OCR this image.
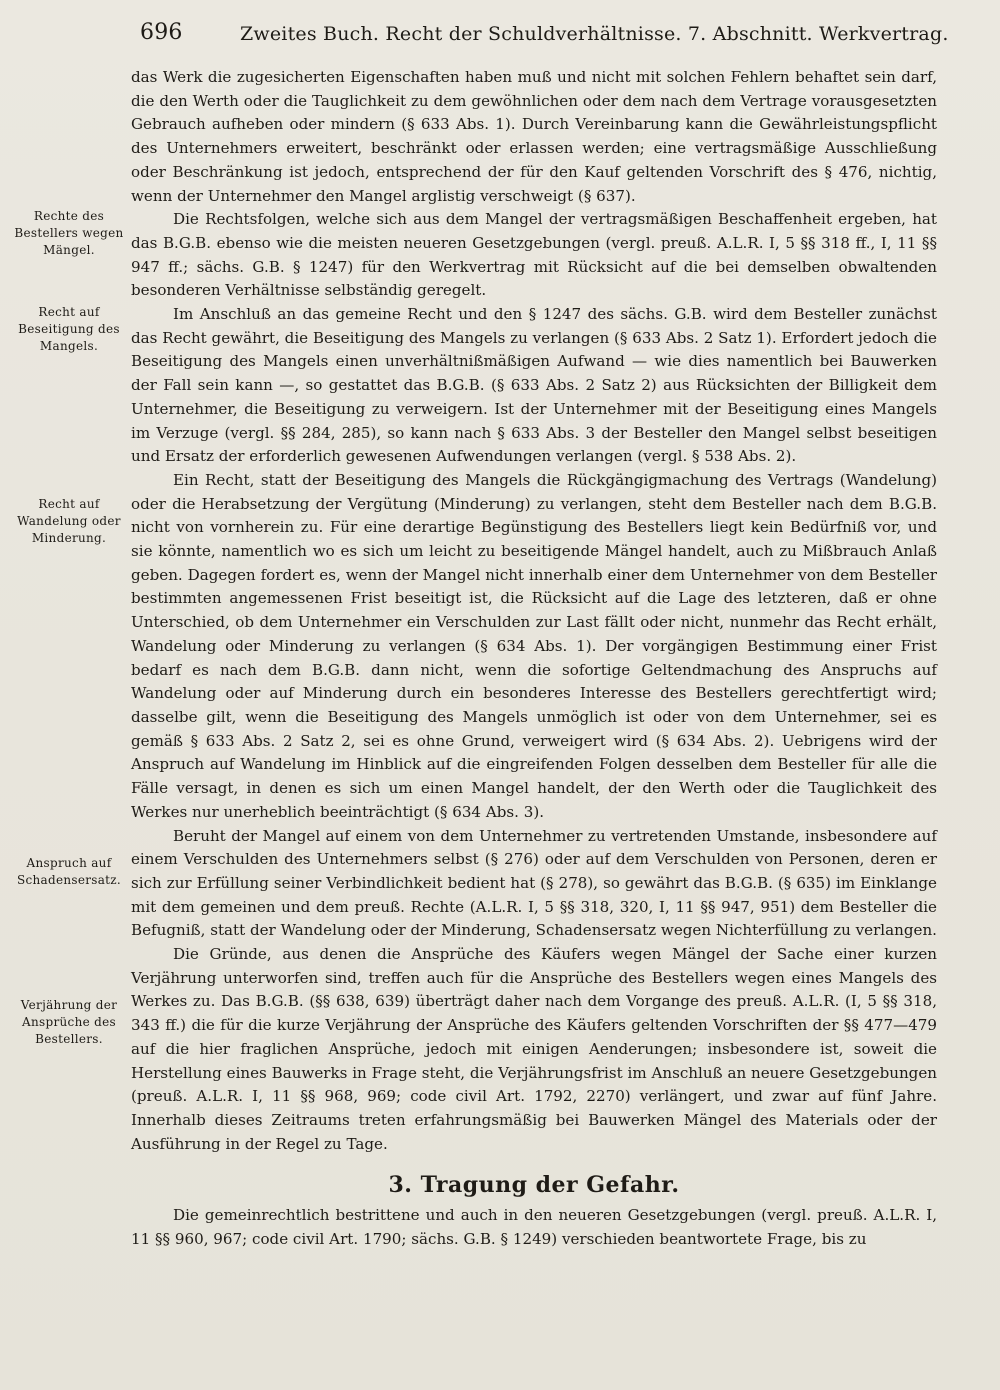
696	Zweites Buch. Recht der Schuldverhältnisse. 7. Abschnitt. Werkvertrag.
Rechte des Bestellers wegen Mängel.
Recht auf Beseitigung des Mangels.
Recht auf Wandelung oder Minderung.
Anspruch auf Schadensersatz.
Verjährung der Ansprüche des Bestellers.

das Werk die zugesicherten Eigenschaften haben muß und nicht mit solchen Fehlern behaftet sein darf, die den Werth oder die Tauglichkeit zu dem gewöhnlichen oder dem nach dem Vertrage vorausgesetzten Gebrauch aufheben oder mindern (§ 633 Abs. 1). Durch Vereinbarung kann die Gewährleistungspflicht des Unternehmers erweitert, beschränkt oder erlassen werden; eine vertragsmäßige Ausschließung oder Beschränkung ist jedoch, entsprechend der für den Kauf geltenden Vorschrift des § 476, nichtig, wenn der Unternehmer den Mangel arglistig verschweigt (§ 637).

Die Rechtsfolgen, welche sich aus dem Mangel der vertragsmäßigen Beschaffenheit ergeben, hat das B.G.B. ebenso wie die meisten neueren Gesetzgebungen (vergl. preuß. A.L.R. I, 5 §§ 318 ff., I, 11 §§ 947 ff.; sächs. G.B. § 1247) für den Werkvertrag mit Rücksicht auf die bei demselben obwaltenden besonderen Verhältnisse selbständig geregelt.

Im Anschluß an das gemeine Recht und den § 1247 des sächs. G.B. wird dem Besteller zunächst das Recht gewährt, die Beseitigung des Mangels zu verlangen (§ 633 Abs. 2 Satz 1). Erfordert jedoch die Beseitigung des Mangels einen unverhältnißmäßigen Aufwand — wie dies namentlich bei Bauwerken der Fall sein kann —, so gestattet das B.G.B. (§ 633 Abs. 2 Satz 2) aus Rücksichten der Billigkeit dem Unternehmer, die Beseitigung zu verweigern. Ist der Unternehmer mit der Beseitigung eines Mangels im Verzuge (vergl. §§ 284, 285), so kann nach § 633 Abs. 3 der Besteller den Mangel selbst beseitigen und Ersatz der erforderlich gewesenen Aufwendungen verlangen (vergl. § 538 Abs. 2).

Ein Recht, statt der Beseitigung des Mangels die Rückgängigmachung des Vertrags (Wandelung) oder die Herabsetzung der Vergütung (Minderung) zu verlangen, steht dem Besteller nach dem B.G.B. nicht von vornherein zu. Für eine derartige Begünstigung des Bestellers liegt kein Bedürfniß vor, und sie könnte, namentlich wo es sich um leicht zu beseitigende Mängel handelt, auch zu Mißbrauch Anlaß geben. Dagegen fordert es, wenn der Mangel nicht innerhalb einer dem Unternehmer von dem Besteller bestimmten angemessenen Frist beseitigt ist, die Rücksicht auf die Lage des letzteren, daß er ohne Unterschied, ob dem Unternehmer ein Verschulden zur Last fällt oder nicht, nunmehr das Recht erhält, Wandelung oder Minderung zu verlangen (§ 634 Abs. 1). Der vorgängigen Bestimmung einer Frist bedarf es nach dem B.G.B. dann nicht, wenn die sofortige Geltendmachung des Anspruchs auf Wandelung oder auf Minderung durch ein besonderes Interesse des Bestellers gerechtfertigt wird; dasselbe gilt, wenn die Beseitigung des Mangels unmöglich ist oder von dem Unternehmer, sei es gemäß § 633 Abs. 2 Satz 2, sei es ohne Grund, verweigert wird (§ 634 Abs. 2). Uebrigens wird der Anspruch auf Wandelung im Hinblick auf die eingreifenden Folgen desselben dem Besteller für alle die Fälle versagt, in denen es sich um einen Mangel handelt, der den Werth oder die Tauglichkeit des Werkes nur unerheblich beeinträchtigt (§ 634 Abs. 3).

Beruht der Mangel auf einem von dem Unternehmer zu vertretenden Umstande, insbesondere auf einem Verschulden des Unternehmers selbst (§ 276) oder auf dem Verschulden von Personen, deren er sich zur Erfüllung seiner Verbindlichkeit bedient hat (§ 278), so gewährt das B.G.B. (§ 635) im Einklange mit dem gemeinen und dem preuß. Rechte (A.L.R. I, 5 §§ 318, 320, I, 11 §§ 947, 951) dem Besteller die Befugniß, statt der Wandelung oder der Minderung, Schadensersatz wegen Nichterfüllung zu verlangen.

Die Gründe, aus denen die Ansprüche des Käufers wegen Mängel der Sache einer kurzen Verjährung unterworfen sind, treffen auch für die Ansprüche des Bestellers wegen eines Mangels des Werkes zu. Das B.G.B. (§§ 638, 639) überträgt daher nach dem Vorgange des preuß. A.L.R. (I, 5 §§ 318, 343 ff.) die für die kurze Verjährung der Ansprüche des Käufers geltenden Vorschriften der §§ 477—479 auf die hier fraglichen Ansprüche, jedoch mit einigen Aenderungen; insbesondere ist, soweit die Herstellung eines Bauwerks in Frage steht, die Verjährungsfrist im Anschluß an neuere Gesetzgebungen (preuß. A.L.R. I, 11 §§ 968, 969; code civil Art. 1792, 2270) verlängert, und zwar auf fünf Jahre. Innerhalb dieses Zeitraums treten erfahrungsmäßig bei Bauwerken Mängel des Materials oder der Ausführung in der Regel zu Tage.

3. Tragung der Gefahr.

Die gemeinrechtlich bestrittene und auch in den neueren Gesetzgebungen (vergl. preuß. A.L.R. I, 11 §§ 960, 967; code civil Art. 1790; sächs. G.B. § 1249) verschieden beantwortete Frage, bis zu
